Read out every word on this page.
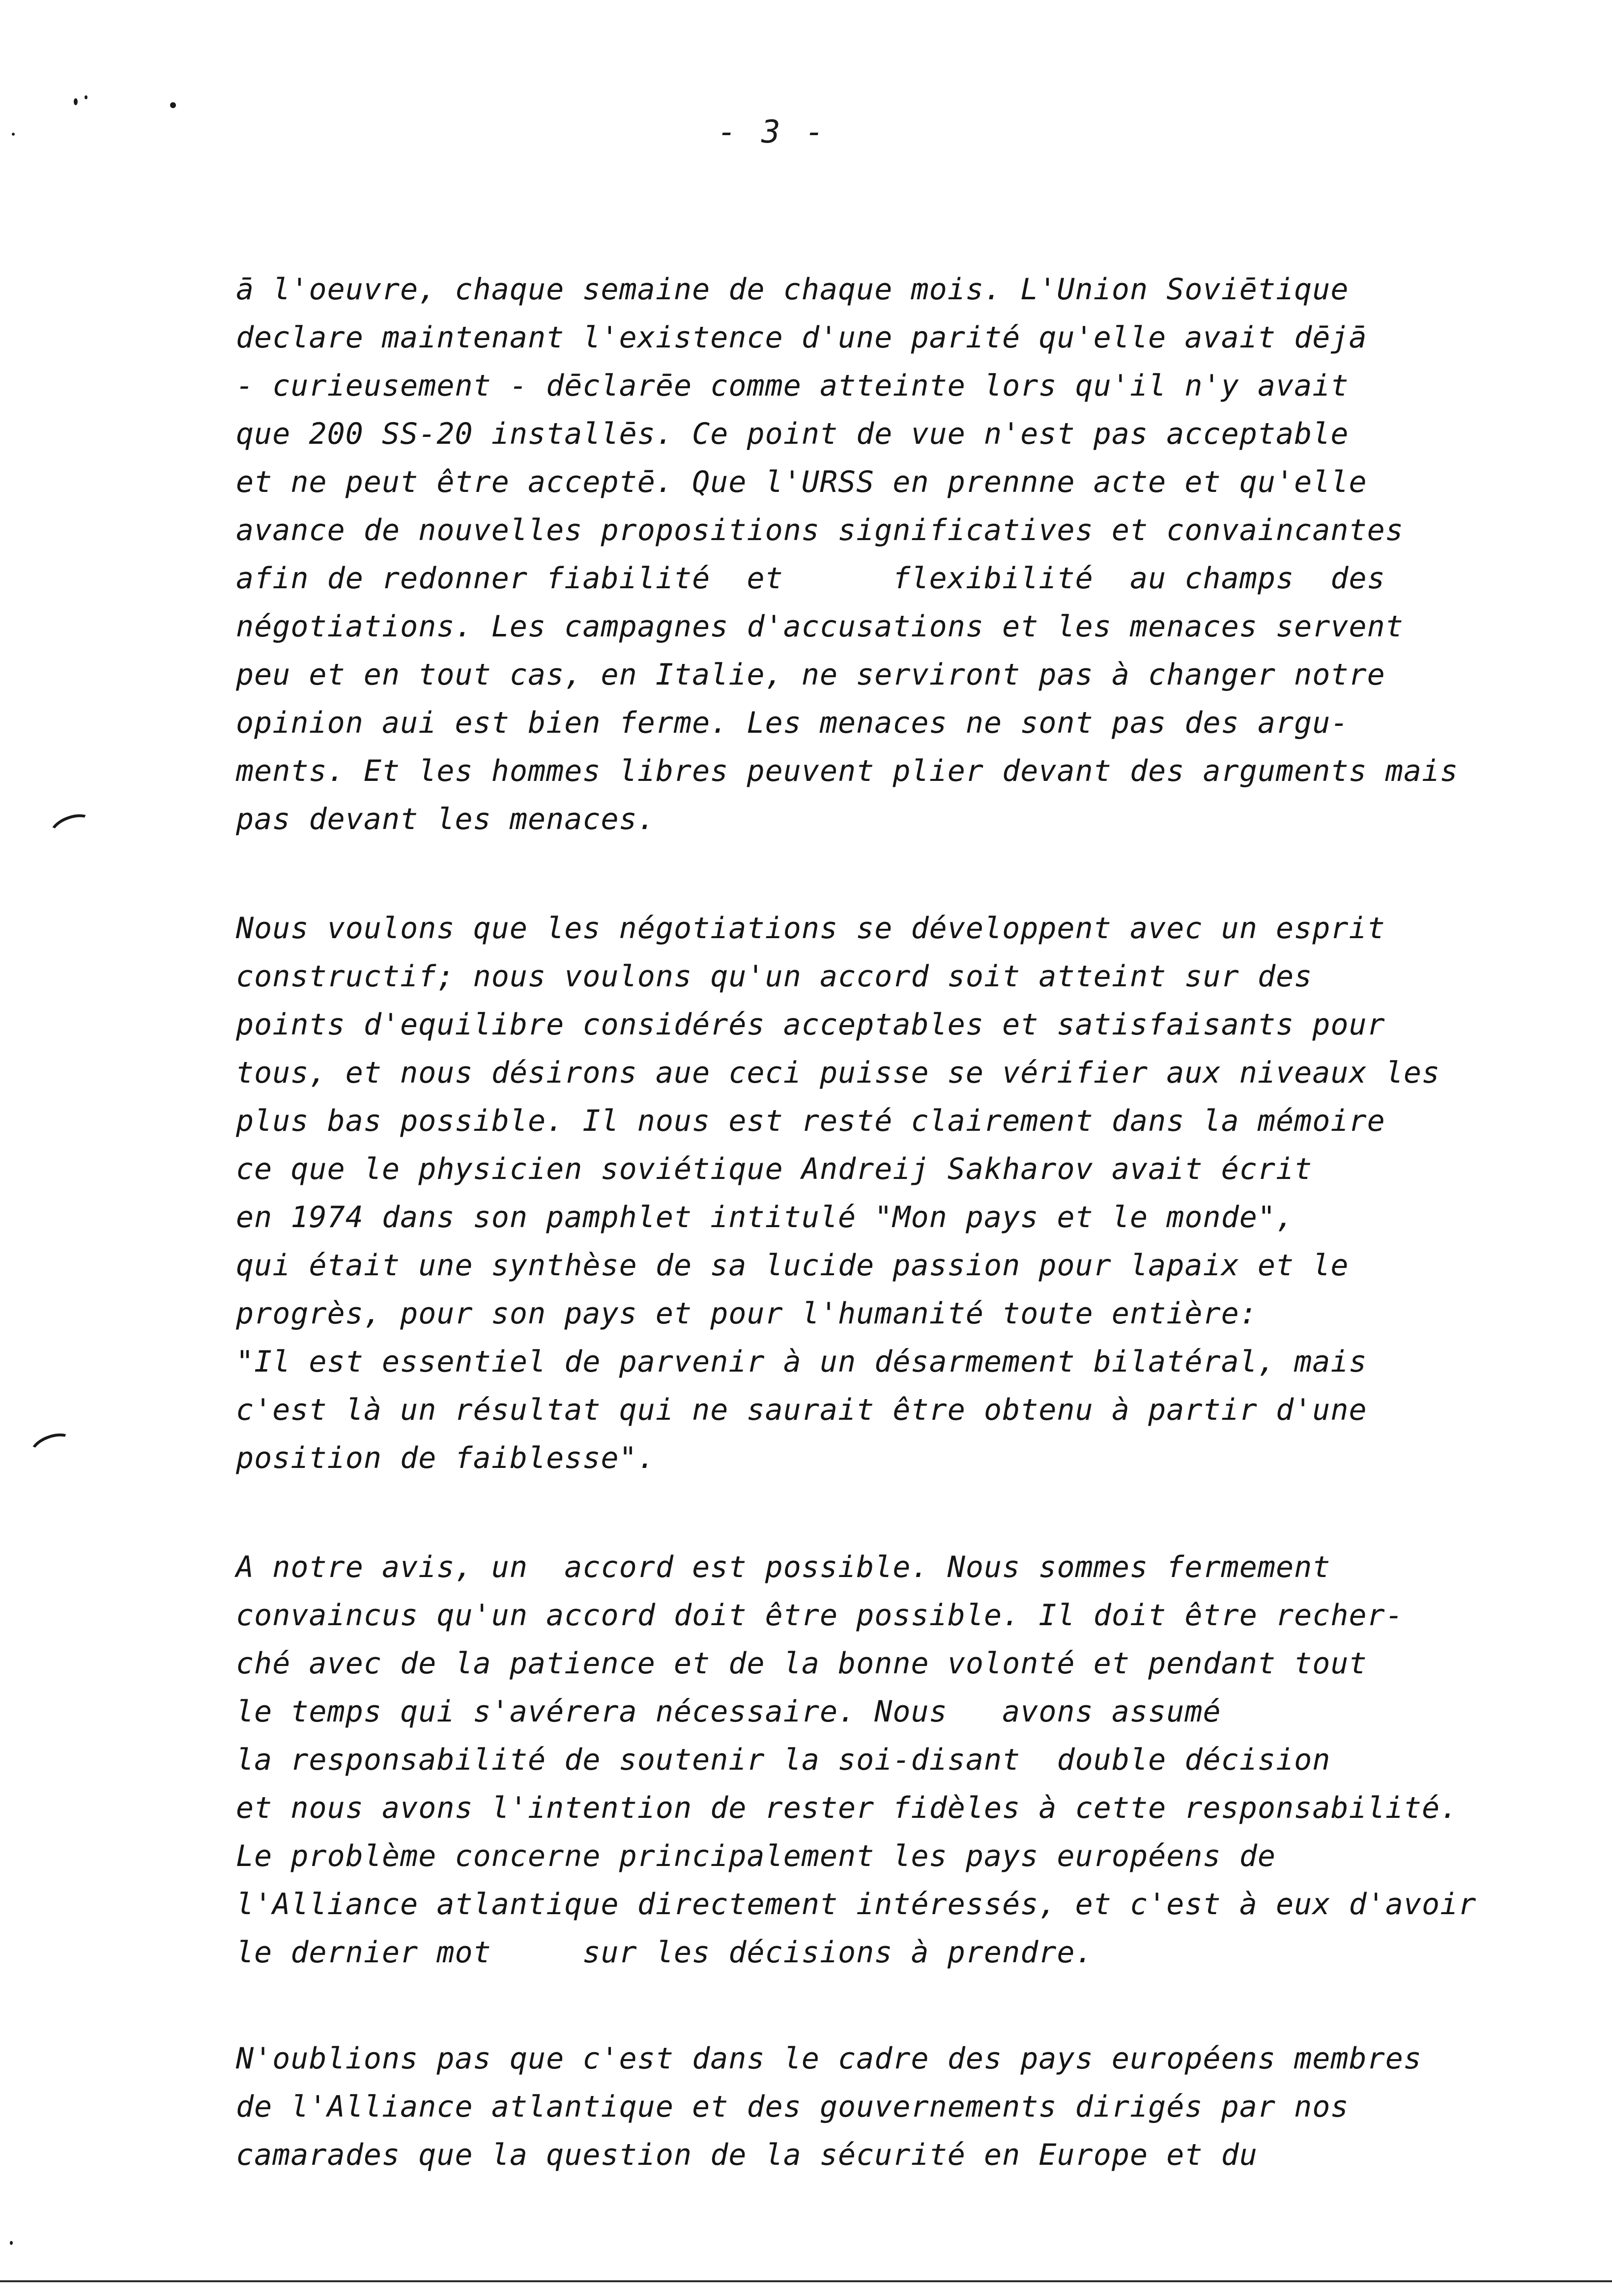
- 3 -
ā l'oeuvre, chaque semaine de chaque mois. L'Union Soviētique
declare maintenant l'existence d'une parité qu'elle avait dējā
- curieusement - dēclarēe comme atteinte lors qu'il n'y avait
que 200 SS-20 installēs. Ce point de vue n'est pas acceptable
et ne peut être acceptē. Que l'URSS en prennne acte et qu'elle
avance de nouvelles propositions significatives et convaincantes
afin de redonner fiabilité  et      flexibilité  au champs  des
négotiations. Les campagnes d'accusations et les menaces servent
peu et en tout cas, en Italie, ne serviront pas à changer notre
opinion aui est bien ferme. Les menaces ne sont pas des argu-
ments. Et les hommes libres peuvent plier devant des arguments mais
pas devant les menaces.
Nous voulons que les négotiations se développent avec un esprit
constructif; nous voulons qu'un accord soit atteint sur des
points d'equilibre considérés acceptables et satisfaisants pour
tous, et nous désirons aue ceci puisse se vérifier aux niveaux les
plus bas possible. Il nous est resté clairement dans la mémoire
ce que le physicien soviétique Andreij Sakharov avait écrit
en 1974 dans son pamphlet intitulé "Mon pays et le monde",
qui était une synthèse de sa lucide passion pour lapaix et le
progrès, pour son pays et pour l'humanité toute entière:
"Il est essentiel de parvenir à un désarmement bilatéral, mais
c'est là un résultat qui ne saurait être obtenu à partir d'une
position de faiblesse".
A notre avis, un  accord est possible. Nous sommes fermement
convaincus qu'un accord doit être possible. Il doit être recher-
ché avec de la patience et de la bonne volonté et pendant tout
le temps qui s'avérera nécessaire. Nous   avons assumé
la responsabilité de soutenir la soi-disant  double décision
et nous avons l'intention de rester fidèles à cette responsabilité.
Le problème concerne principalement les pays européens de
l'Alliance atlantique directement intéressés, et c'est à eux d'avoir
le dernier mot     sur les décisions à prendre.
N'oublions pas que c'est dans le cadre des pays européens membres
de l'Alliance atlantique et des gouvernements dirigés par nos
camarades que la question de la sécurité en Europe et du
